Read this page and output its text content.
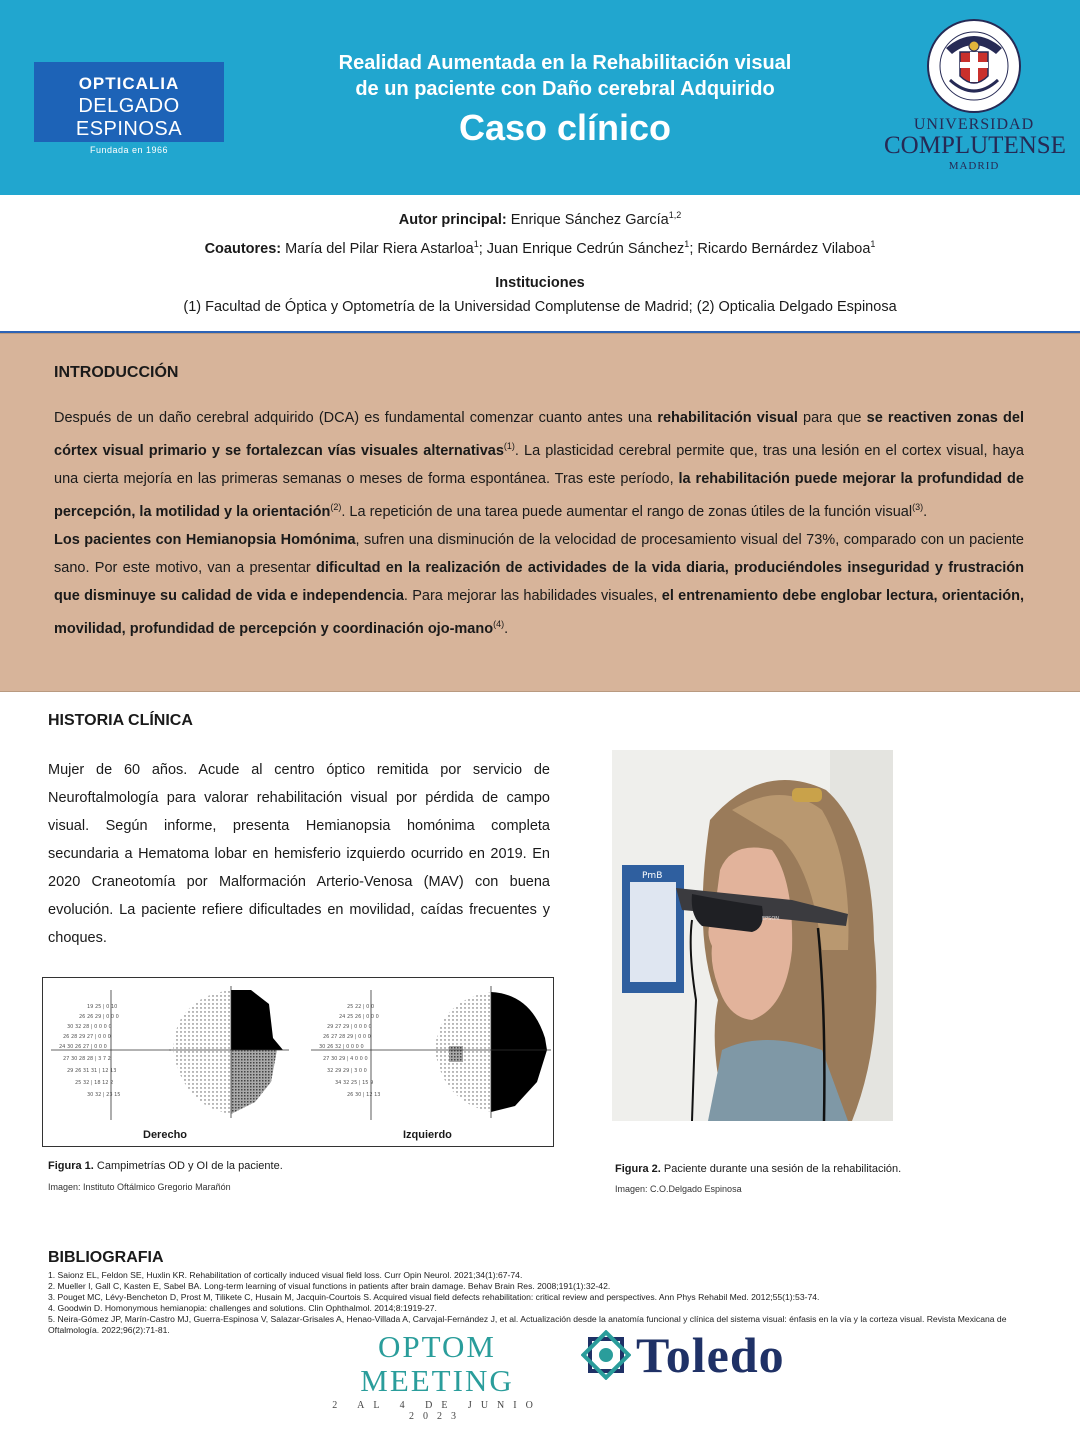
OPTICALIA
DELGADO ESPINOSA
Fundada en 1966
Realidad Aumentada en la Rehabilitación visual
de un paciente con Daño cerebral Adquirido
Caso clínico	UNIVERSIDAD
COMPLUTENSE
MADRID
Autor principal: Enrique Sánchez García$^{1,2}$
Coautores: María del Pilar Riera Astarloa$^1$; Juan Enrique Cedrún Sánchez$^1$; Ricardo Bernárdez Vilaboa$^1$
Instituciones
(1) Facultad de Óptica y Optometría de la Universidad Complutense de Madrid; (2) Opticalia Delgado Espinosa
INTRODUCCIÓN
Después de un daño cerebral adquirido (DCA) es fundamental comenzar cuanto antes una rehabilitación visual para que se reactiven zonas del córtex visual primario y se fortalezcan vías visuales alternativas$^{(1)}$. La plasticidad cerebral permite que, tras una lesión en el cortex visual, haya una cierta mejoría en las primeras semanas o meses de forma espontánea. Tras este período, la rehabilitación puede mejorar la profundidad de percepción, la motilidad y la orientación$^{(2)}$. La repetición de una tarea puede aumentar el rango de zonas útiles de la función visual$^{(3)}$.
Los pacientes con Hemianopsia Homónima, sufren una disminución de la velocidad de procesamiento visual del 73%, comparado con un paciente sano. Por este motivo, van a presentar dificultad en la realización de actividades de la vida diaria, produciéndoles inseguridad y frustración que disminuye su calidad de vida e independencia. Para mejorar las habilidades visuales, el entrenamiento debe englobar lectura, orientación, movilidad, profundidad de percepción y coordinación ojo-mano$^{(4)}$.
HISTORIA CLÍNICA
Mujer de 60 años. Acude al centro óptico remitida por servicio de Neuroftalmología para valorar rehabilitación visual por pérdida de campo visual. Según informe, presenta Hemianopsia homónima completa secundaria a Hematoma lobar en hemisferio izquierdo ocurrido en 2019. En 2020 Craneotomía por Malformación Arterio-Venosa (MAV) con buena evolución. La paciente refiere dificultades en movilidad, caídas frecuentes y choques.
19 25 | 0 10
26 26 29 | 0 0 0
30 32 28 | 0 0 0 0
26 28 29 27 | 0 0 0
24 30 26 27 | 0 0 0
27 30 28 28 | 3 7 2
29 26 31 31 | 12 13
25 32 | 18 12 2
30 32 | 23 15
25 22 | 0 0
24 25 26 | 0 0 0
29 27 29 | 0 0 0 0
26 27 28 29 | 0 0 0
30 26 32 | 0 0 0 0
27 30 29 | 4 0 0 0
32 29 29 | 3 0 0
34 32 25 | 15 9
26 30 | 12 13
Derecho	Izquierdo
Figura 1. Campimetrías OD y OI de la paciente.
Imagen: Instituto Oftálmico Gregorio Marañón
PmB
EPSON
Figura 2. Paciente durante una sesión de la rehabilitación.
Imagen: C.O.Delgado Espinosa
BIBLIOGRAFIA
1. Saionz EL, Feldon SE, Huxlin KR. Rehabilitation of cortically induced visual field loss. Curr Opin Neurol. 2021;34(1):67-74.
2. Mueller I, Gall C, Kasten E, Sabel BA. Long-term learning of visual functions in patients after brain damage. Behav Brain Res. 2008;191(1):32-42.
3. Pouget MC, Lévy-Bencheton D, Prost M, Tilikete C, Husain M, Jacquin-Courtois S. Acquired visual field defects rehabilitation: critical review and perspectives. Ann Phys Rehabil Med. 2012;55(1):53-74.
4. Goodwin D. Homonymous hemianopia: challenges and solutions. Clin Ophthalmol. 2014;8:1919-27.
5. Neira-Gómez JP, Marín-Castro MJ, Guerra-Espinosa V, Salazar-Grisales A, Henao-Villada A, Carvajal-Fernández J, et al. Actualización desde la anatomía funcional y clínica del sistema visual: énfasis en la vía y la corteza visual. Revista Mexicana de Oftalmología. 2022;96(2):71-81.	OPTOM MEETING
2 AL 4 DE JUNIO 2023
Toledo
